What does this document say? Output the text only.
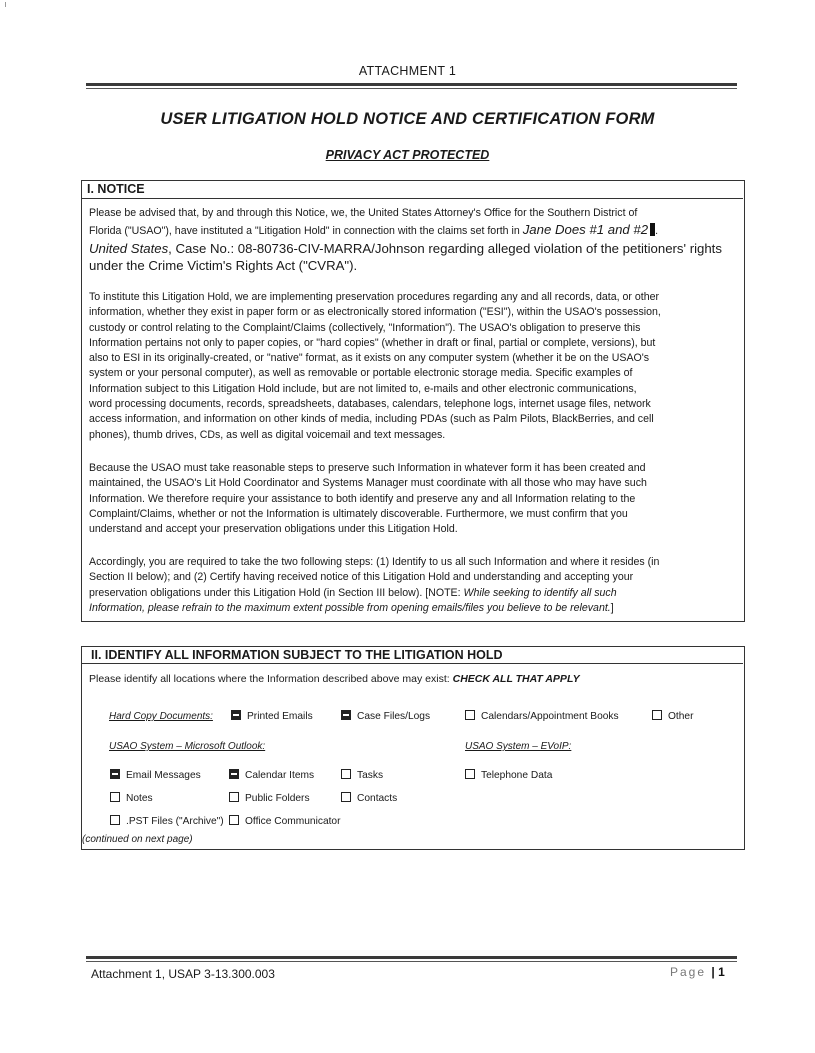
ATTACHMENT 1
USER LITIGATION HOLD NOTICE AND CERTIFICATION FORM
PRIVACY ACT PROTECTED
I. NOTICE
Please be advised that, by and through this Notice, we, the United States Attorney's Office for the Southern District of
Florida ("USAO"), have instituted a "Litigation Hold" in connection with the claims set forth in Jane Does #1 and #2 .
United States, Case No.: 08-80736-CIV-MARRA/Johnson regarding alleged violation of the petitioners' rights
under the Crime Victim's Rights Act ("CVRA").
To institute this Litigation Hold, we are implementing preservation procedures regarding any and all records, data, or other
information, whether they exist in paper form or as electronically stored information ("ESI"), within the USAO's possession,
custody or control relating to the Complaint/Claims (collectively, "Information"). The USAO's obligation to preserve this
Information pertains not only to paper copies, or "hard copies" (whether in draft or final, partial or complete, versions), but
also to ESI in its originally-created, or "native" format, as it exists on any computer system (whether it be on the USAO's
system or your personal computer), as well as removable or portable electronic storage media. Specific examples of
Information subject to this Litigation Hold include, but are not limited to, e-mails and other electronic communications,
word processing documents, records, spreadsheets, databases, calendars, telephone logs, internet usage files, network
access information, and information on other kinds of media, including PDAs (such as Palm Pilots, BlackBerries, and cell
phones), thumb drives, CDs, as well as digital voicemail and text messages.
Because the USAO must take reasonable steps to preserve such Information in whatever form it has been created and
maintained, the USAO's Lit Hold Coordinator and Systems Manager must coordinate with all those who may have such
Information. We therefore require your assistance to both identify and preserve any and all Information relating to the
Complaint/Claims, whether or not the Information is ultimately discoverable. Furthermore, we must confirm that you
understand and accept your preservation obligations under this Litigation Hold.
Accordingly, you are required to take the two following steps: (1) Identify to us all such Information and where it resides (in
Section II below); and (2) Certify having received notice of this Litigation Hold and understanding and accepting your
preservation obligations under this Litigation Hold (in Section III below). [NOTE: While seeking to identify all such
Information, please refrain to the maximum extent possible from opening emails/files you believe to be relevant.]
II. IDENTIFY ALL INFORMATION SUBJECT TO THE LITIGATION HOLD
Please identify all locations where the Information described above may exist: CHECK ALL THAT APPLY
Hard Copy Documents:	Printed Emails	Case Files/Logs	Calendars/Appointment Books	Other
USAO System – Microsoft Outlook:	USAO System – EVoIP:
Email Messages	Calendar Items	Tasks	Telephone Data
Notes	Public Folders	Contacts
.PST Files ("Archive")	Office Communicator
(continued on next page)
Attachment 1, USAP 3-13.300.003	Page | 1
